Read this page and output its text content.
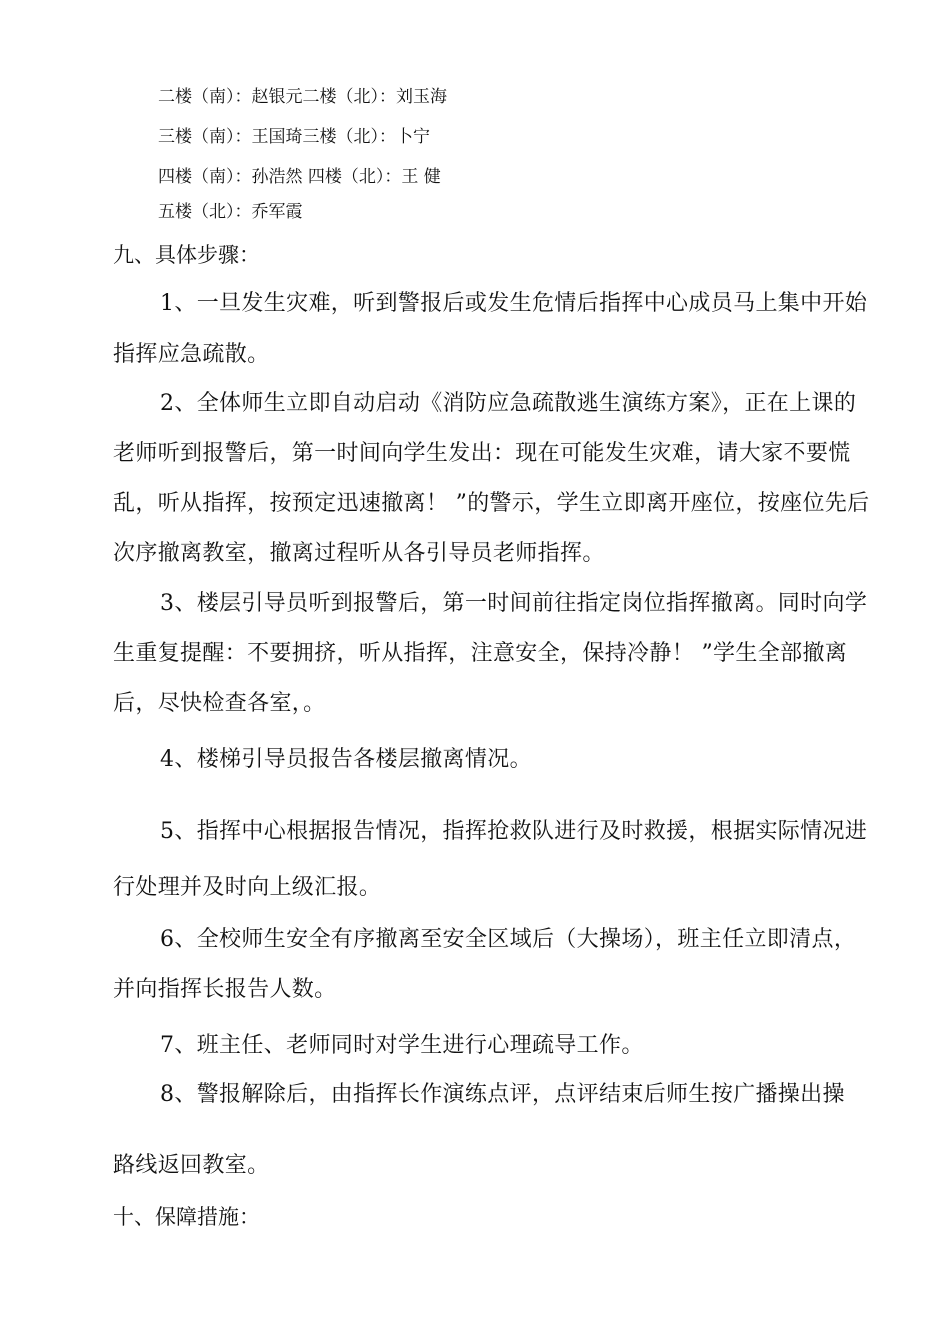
二楼（南）：赵银元二楼（北）：刘玉海

三楼（南）：王国琦三楼（北）：卜宁

四楼（南）：孙浩然 四楼（北）：王 健

五楼（北）：乔军霞

九、具体步骤：

1、一旦发生灾难，听到警报后或发生危情后指挥中心成员马上集中开始

指挥应急疏散。

2、全体师生立即自动启动《消防应急疏散逃生演练方案》，正在上课的

老师听到报警后，第一时间向学生发出：现在可能发生灾难，请大家不要慌

乱，听从指挥，按预定迅速撤离！ ”的警示，学生立即离开座位，按座位先后

次序撤离教室，撤离过程听从各引导员老师指挥。

3、楼层引导员听到报警后，第一时间前往指定岗位指挥撤离。同时向学

生重复提醒：不要拥挤，听从指挥，注意安全，保持冷静！ ”学生全部撤离

后，尽快检查各室，。

4、楼梯引导员报告各楼层撤离情况。

5、指挥中心根据报告情况，指挥抢救队进行及时救援，根据实际情况进

行处理并及时向上级汇报。

6、全校师生安全有序撤离至安全区域后（大操场），班主任立即清点，

并向指挥长报告人数。

7、班主任、老师同时对学生进行心理疏导工作。

8、警报解除后，由指挥长作演练点评，点评结束后师生按广播操出操

路线返回教室。

十、保障措施：
